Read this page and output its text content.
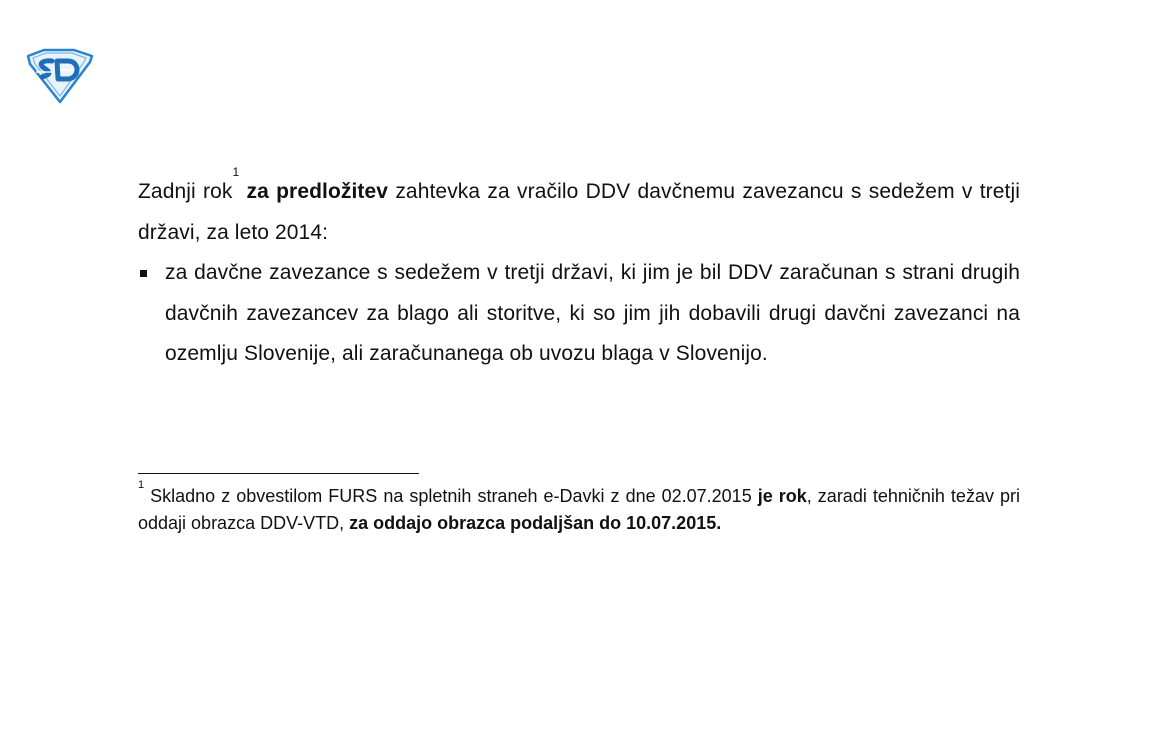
Zadnji rok$^1$ za predložitev zahtevka za vračilo DDV davčnemu zavezancu s sedežem v tretji državi, za leto 2014:

za davčne zavezance s sedežem v tretji državi, ki jim je bil DDV zaračunan s strani drugih davčnih zavezancev za blago ali storitve, ki so jim jih dobavili drugi davčni zavezanci na ozemlju Slovenije, ali zaračunanega ob uvozu blaga v Slovenijo.

$^1$ Skladno z obvestilom FURS na spletnih straneh e-Davki z dne 02.07.2015 je rok, zaradi tehničnih težav pri oddaji obrazca DDV-VTD, za oddajo obrazca podaljšan do 10.07.2015.
